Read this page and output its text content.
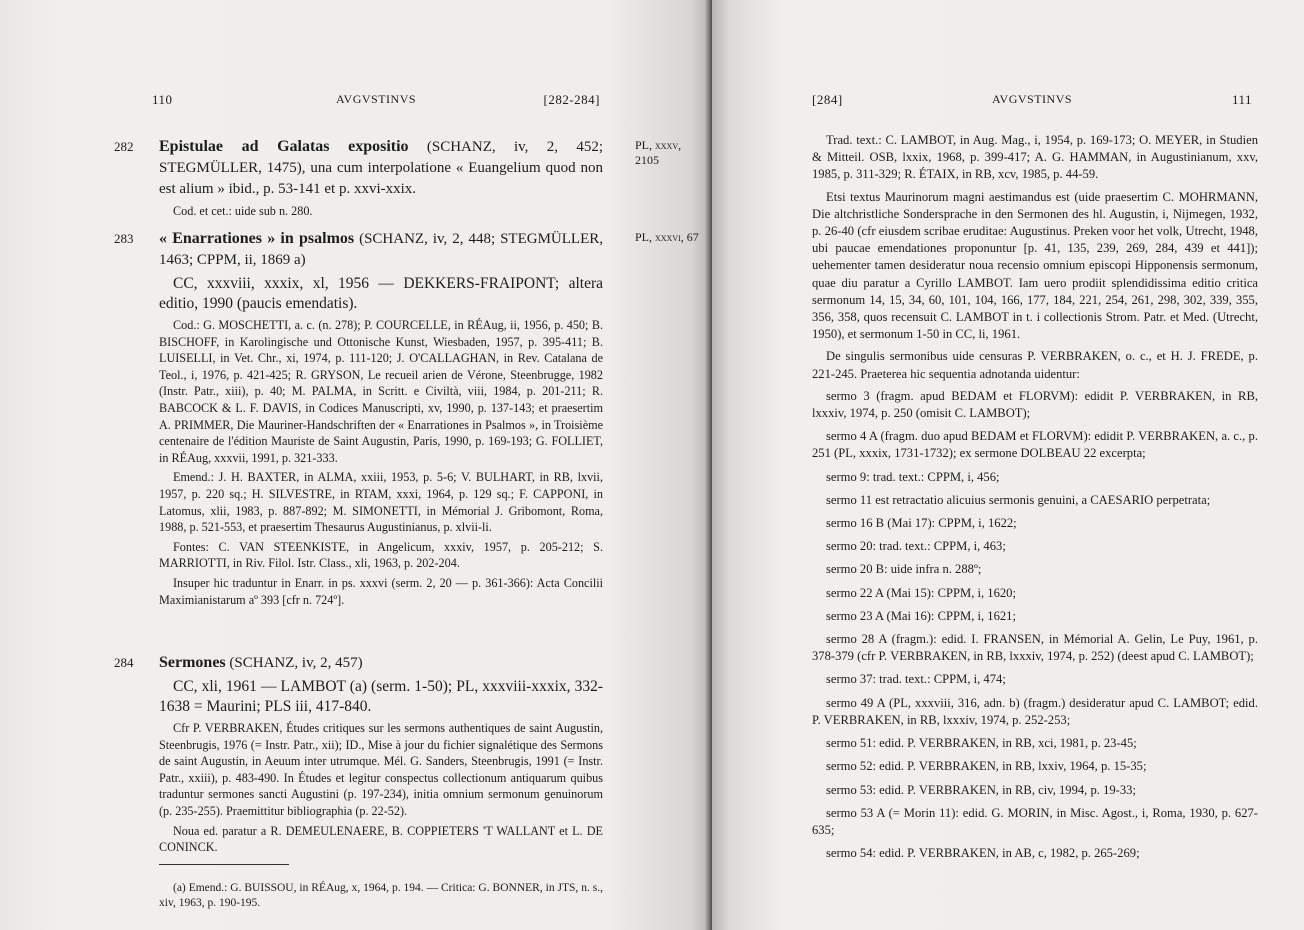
110	AVGVSTINVS	[282-284]
282 Epistulae ad Galatas expositio (SCHANZ, iv, 2, 452; STEGMÜLLER, 1475), una cum interpolatione « Euangelium quod non est alium » ibid., p. 53-141 et p. xxvi-xxix.
Cod. et cet.: uide sub n. 280.
PL, xxxv, 2105
283 « Enarrationes » in psalmos (SCHANZ, iv, 2, 448; STEGMÜLLER, 1463; CPPM, ii, 1869 a)
CC, xxxviii, xxxix, xl, 1956 — DEKKERS-FRAIPONT; altera editio, 1990 (paucis emendatis).
Cod.: G. MOSCHETTI, a. c. (n. 278); P. COURCELLE, in RÉAug, ii, 1956, p. 450; B. BISCHOFF, in Karolingische und Ottonische Kunst, Wiesbaden, 1957, p. 395-411; B. LUISELLI, in Vet. Chr., xi, 1974, p. 111-120; J. O'CALLAGHAN, in Rev. Catalana de Teol., i, 1976, p. 421-425; R. GRYSON, Le recueil arien de Vérone, Steenbrugge, 1982 (Instr. Patr., xiii), p. 40; M. PALMA, in Scritt. e Civiltà, viii, 1984, p. 201-211; R. BABCOCK & L. F. DAVIS, in Codices Manuscripti, xv, 1990, p. 137-143; et praesertim A. PRIMMER, Die Mauriner-Handschriften der « Enarrationes in Psalmos », in Troisième centenaire de l'édition Mauriste de Saint Augustin, Paris, 1990, p. 169-193; G. FOLLIET, in RÉAug, xxxvii, 1991, p. 321-333.
Emend.: J. H. BAXTER, in ALMA, xxiii, 1953, p. 5-6; V. BULHART, in RB, lxvii, 1957, p. 220 sq.; H. SILVESTRE, in RTAM, xxxi, 1964, p. 129 sq.; F. CAPPONI, in Latomus, xlii, 1983, p. 887-892; M. SIMONETTI, in Mémorial J. Gribomont, Roma, 1988, p. 521-553, et praesertim Thesaurus Augustinianus, p. xlvii-li.
Fontes: C. VAN STEENKISTE, in Angelicum, xxxiv, 1957, p. 205-212; S. MARRIOTTI, in Riv. Filol. Istr. Class., xli, 1963, p. 202-204.
Insuper hic traduntur in Enarr. in ps. xxxvi (serm. 2, 20 — p. 361-366): Acta Concilii Maximianistarum aº 393 [cfr n. 724º].
PL, xxxvi, 67
284 Sermones (SCHANZ, iv, 2, 457)
CC, xli, 1961 — LAMBOT (a) (serm. 1-50); PL, xxxviii-xxxix, 332-1638 = Maurini; PLS iii, 417-840.
Cfr P. VERBRAKEN, Études critiques sur les sermons authentiques de saint Augustin, Steenbrugis, 1976 (= Instr. Patr., xii); ID., Mise à jour du fichier signalétique des Sermons de saint Augustin, in Aeuum inter utrumque. Mél. G. Sanders, Steenbrugis, 1991 (= Instr. Patr., xxiii), p. 483-490. In Études et legitur conspectus collectionum antiquarum quibus traduntur sermones sancti Augustini (p. 197-234), initia omnium sermonum genuinorum (p. 235-255). Praemittitur bibliographia (p. 22-52).
Noua ed. paratur a R. DEMEULENAERE, B. COPPIETERS 'T WALLANT et L. DE CONINCK.
(a) Emend.: G. BUISSOU, in RÉAug, x, 1964, p. 194. — Critica: G. BONNER, in JTS, n. s., xiv, 1963, p. 190-195.
[284]	AVGVSTINVS	111

Trad. text.: C. LAMBOT, in Aug. Mag., i, 1954, p. 169-173; O. MEYER, in Studien & Mitteil. OSB, lxxix, 1968, p. 399-417; A. G. HAMMAN, in Augustinianum, xxv, 1985, p. 311-329; R. ÉTAIX, in RB, xcv, 1985, p. 44-59.

Etsi textus Maurinorum magni aestimandus est (uide praesertim C. MOHRMANN, Die altchristliche Sondersprache in den Sermonen des hl. Augustin, i, Nijmegen, 1932, p. 26-40 (cfr eiusdem scribae eruditae: Augustinus. Preken voor het volk, Utrecht, 1948, ubi paucae emendationes proponuntur [p. 41, 135, 239, 269, 284, 439 et 441]); uehementer tamen desideratur noua recensio omnium episcopi Hipponensis sermonum, quae diu paratur a Cyrillo LAMBOT. Iam uero prodiit splendidissima editio critica sermonum 14, 15, 34, 60, 101, 104, 166, 177, 184, 221, 254, 261, 298, 302, 339, 355, 356, 358, quos recensuit C. LAMBOT in t. i collectionis Strom. Patr. et Med. (Utrecht, 1950), et sermonum 1-50 in CC, li, 1961.

De singulis sermonibus uide censuras P. VERBRAKEN, o. c., et H. J. FREDE, p. 221-245. Praeterea hic sequentia adnotanda uidentur:

sermo 3 (fragm. apud BEDAM et FLORVM): edidit P. VERBRAKEN, in RB, lxxxiv, 1974, p. 250 (omisit C. LAMBOT);

sermo 4 A (fragm. duo apud BEDAM et FLORVM): edidit P. VERBRAKEN, a. c., p. 251 (PL, xxxix, 1731-1732); ex sermone DOLBEAU 22 excerpta;

sermo 9: trad. text.: CPPM, i, 456;

sermo 11 est retractatio alicuius sermonis genuini, a CAESARIO perpetrata;

sermo 16 B (Mai 17): CPPM, i, 1622;

sermo 20: trad. text.: CPPM, i, 463;

sermo 20 B: uide infra n. 288º;

sermo 22 A (Mai 15): CPPM, i, 1620;

sermo 23 A (Mai 16): CPPM, i, 1621;

sermo 28 A (fragm.): edid. I. FRANSEN, in Mémorial A. Gelin, Le Puy, 1961, p. 378-379 (cfr P. VERBRAKEN, in RB, lxxxiv, 1974, p. 252) (deest apud C. LAMBOT);

sermo 37: trad. text.: CPPM, i, 474;

sermo 49 A (PL, xxxviii, 316, adn. b) (fragm.) desideratur apud C. LAMBOT; edid. P. VERBRAKEN, in RB, lxxxiv, 1974, p. 252-253;

sermo 51: edid. P. VERBRAKEN, in RB, xci, 1981, p. 23-45;

sermo 52: edid. P. VERBRAKEN, in RB, lxxiv, 1964, p. 15-35;

sermo 53: edid. P. VERBRAKEN, in RB, civ, 1994, p. 19-33;

sermo 53 A (= Morin 11): edid. G. MORIN, in Misc. Agost., i, Roma, 1930, p. 627-635;

sermo 54: edid. P. VERBRAKEN, in AB, c, 1982, p. 265-269;
